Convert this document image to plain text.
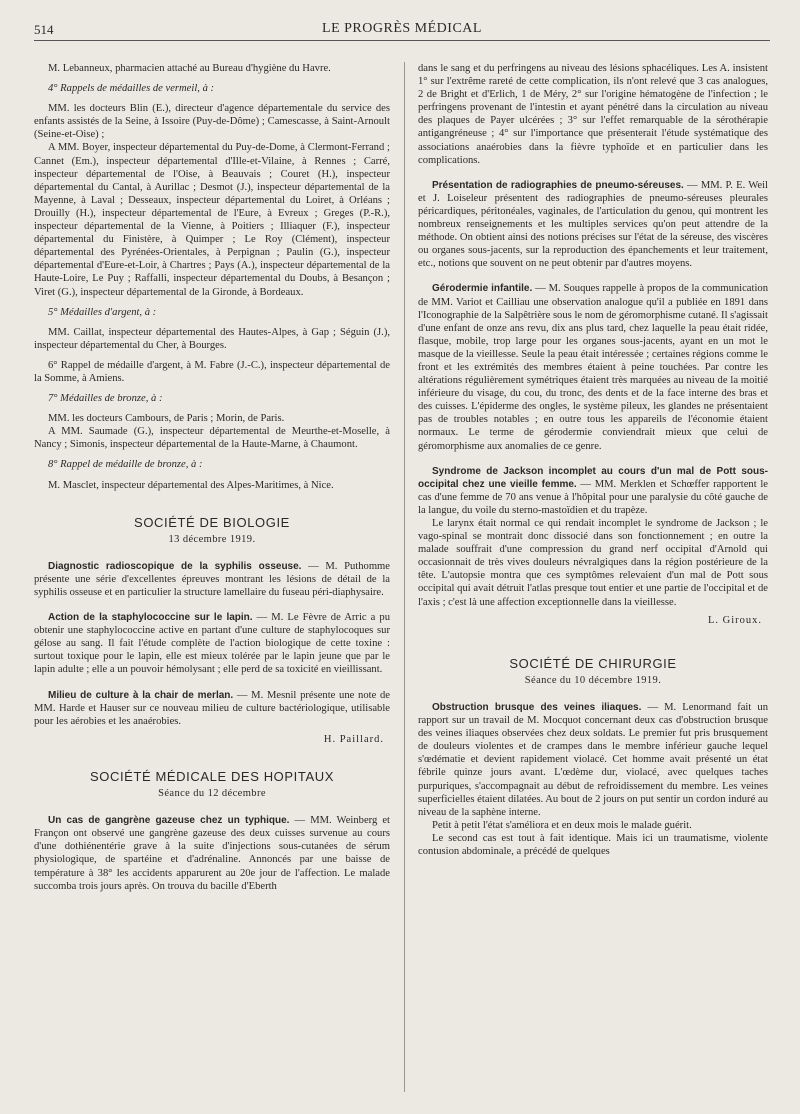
514	LE PROGRÈS MÉDICAL

M. Lebanneux, pharmacien attaché au Bureau d'hygiène du Havre.

4° Rappels de médailles de vermeil, à :

MM. les docteurs Blin (E.), directeur d'agence départementale du service des enfants assistés de la Seine, à Issoire (Puy-de-Dôme) ; Camescasse, à Saint-Arnoult (Seine-et-Oise) ;

A MM. Boyer, inspecteur départemental du Puy-de-Dome, à Clermont-Ferrand ; Cannet (Em.), inspecteur départemental d'Ille-et-Vilaine, à Rennes ; Carré, inspecteur départemental de l'Oise, à Beauvais ; Couret (H.), inspecteur départemental du Cantal, à Aurillac ; Desmot (J.), inspecteur départemental de la Mayenne, à Laval ; Desseaux, inspecteur départemental du Loiret, à Orléans ; Drouilly (H.), inspecteur départemental de l'Eure, à Evreux ; Greges (P.-R.), inspecteur départemental de la Vienne, à Poitiers ; Illiaquer (F.), inspecteur départemental du Finistère, à Quimper ; Le Roy (Clément), inspecteur départemental des Pyrénées-Orientales, à Perpignan ; Paulin (G.), inspecteur départemental d'Eure-et-Loir, à Chartres ; Pays (A.), inspecteur départemental de la Haute-Loire, Le Puy ; Raffalli, inspecteur départemental du Doubs, à Besançon ; Viret (G.), inspecteur départemental de la Gironde, à Bordeaux.

5° Médailles d'argent, à :

MM. Caillat, inspecteur départemental des Hautes-Alpes, à Gap ; Séguin (J.), inspecteur départemental du Cher, à Bourges.

6° Rappel de médaille d'argent, à M. Fabre (J.-C.), inspecteur départemental de la Somme, à Amiens.

7° Médailles de bronze, à :

MM. les docteurs Cambours, de Paris ; Morin, de Paris.

A MM. Saumade (G.), inspecteur départemental de Meurthe-et-Moselle, à Nancy ; Simonis, inspecteur départemental de la Haute-Marne, à Chaumont.

8° Rappel de médaille de bronze, à :

M. Masclet, inspecteur départemental des Alpes-Maritimes, à Nice.

SOCIÉTÉ DE BIOLOGIE
13 décembre 1919.

Diagnostic radioscopique de la syphilis osseuse. — M. Puthomme présente une série d'excellentes épreuves montrant les lésions de détail de la syphilis osseuse et en particulier la structure lamellaire du fuseau péri-diaphysaire.

Action de la staphylococcine sur le lapin. — M. Le Fèvre de Arric a pu obtenir une staphylococcine active en partant d'une culture de staphylocoques sur gélose au sang. Il fait l'étude complète de l'action biologique de cette toxine : surtout toxique pour le lapin, elle est mieux tolérée par le lapin jeune que par le lapin adulte ; elle a un pouvoir hémolysant ; elle perd de sa toxicité en vieillissant.

Milieu de culture à la chair de merlan. — M. Mesnil présente une note de MM. Harde et Hauser sur ce nouveau milieu de culture bactériologique, utilisable pour les aérobies et les anaérobies.

H. Paillard.
SOCIÉTÉ MÉDICALE DES HOPITAUX
Séance du 12 décembre

Un cas de gangrène gazeuse chez un typhique. — MM. Weinberg et Françon ont observé une gangrène gazeuse des deux cuisses survenue au cours d'une dothiénentérie grave à la suite d'injections sous-cutanées de sérum physiologique, de spartéine et d'adrénaline. Annoncés par une baisse de température à 38° les accidents apparurent au 20e jour de l'affection. Le malade succomba trois jours après. On trouva du bacille d'Eberth

dans le sang et du perfringens au niveau des lésions sphacéliques. Les A. insistent 1° sur l'extrême rareté de cette complication, ils n'ont relevé que 3 cas analogues, 2 de Bright et d'Erlich, 1 de Méry, 2° sur l'origine hématogène de l'infection ; le perfringens provenant de l'intestin et ayant pénétré dans la circulation au niveau des plaques de Payer ulcérées ; 3° sur l'effet remarquable de la sérothérapie antigangréneuse ; 4° sur l'importance que présenterait l'étude systématique des associations anaérobies dans la fièvre typhoïde et en particulier dans les complications.

Présentation de radiographies de pneumo-séreuses. — MM. P. E. Weil et J. Loiseleur présentent des radiographies de pneumo-séreuses pleurales péricardiques, péritonéales, vaginales, de l'articulation du genou, qui montrent les nombreux renseignements et les multiples services qu'on peut attendre de la méthode. On obtient ainsi des notions précises sur l'état de la séreuse, des viscères ou organes sous-jacents, sur la reproduction des épanchements et leur traitement, etc., notions que souvent on ne peut obtenir par d'autres moyens.

Gérodermie infantile. — M. Souques rappelle à propos de la communication de MM. Variot et Cailliau une observation analogue qu'il a publiée en 1891 dans l'Iconographie de la Salpêtrière sous le nom de géromorphisme cutané. Il s'agissait d'une enfant de onze ans revu, dix ans plus tard, chez laquelle la peau était ridée, flasque, mobile, trop large pour les organes sous-jacents, ayant en un mot le masque de la vieillesse. Seule la peau était intéressée ; certaines régions comme le front et les extrémités des membres étaient à peine touchées. Par contre les altérations régulièrement symétriques étaient très marquées au niveau de la moitié inférieure du visage, du cou, du tronc, des dents et de la face interne des bras et des cuisses. L'épiderme des ongles, le système pileux, les glandes ne présentaient pas de troubles notables ; en outre tous les appareils de l'économie étaient normaux. Le terme de gérodermie conviendrait mieux que celui de géromorphisme aux anomalies de ce genre.

Syndrome de Jackson incomplet au cours d'un mal de Pott sous-occipital chez une vieille femme. — MM. Merklen et Schœffer rapportent le cas d'une femme de 70 ans venue à l'hôpital pour une paralysie du côté gauche de la langue, du voile du sterno-mastoïdien et du trapèze.

Le larynx était normal ce qui rendait incomplet le syndrome de Jackson ; le vago-spinal se montrait donc dissocié dans son fonctionnement ; en outre la malade souffrait d'une compression du grand nerf occipital d'Arnold qui occasionnait de très vives douleurs névralgiques dans la région postérieure de la tête. L'autopsie montra que ces symptômes relevaient d'un mal de Pott sous occipital qui avait détruit l'atlas presque tout entier et une partie de l'occipital et de l'axis ; c'est là une affection exceptionnelle dans la vieillesse.

L. Giroux.
SOCIÉTÉ DE CHIRURGIE
Séance du 10 décembre 1919.

Obstruction brusque des veines iliaques. — M. Lenormand fait un rapport sur un travail de M. Mocquot concernant deux cas d'obstruction brusque des veines iliaques observées chez deux soldats. Le premier fut pris brusquement de douleurs violentes et de crampes dans le membre inférieur gauche lequel s'œdématie et devient rapidement violacé. Cet homme avait présenté un état fébrile quinze jours avant. L'œdème dur, violacé, avec quelques taches purpuriques, s'accompagnait au début de refroidissement du membre. Les veines superficielles étaient dilatées. Au bout de 2 jours on put sentir un cordon induré au niveau de la saphène interne.

Petit à petit l'état s'améliora et en deux mois le malade guérit.

Le second cas est tout à fait identique. Mais ici un traumatisme, violente contusion abdominale, a précédé de quelques
